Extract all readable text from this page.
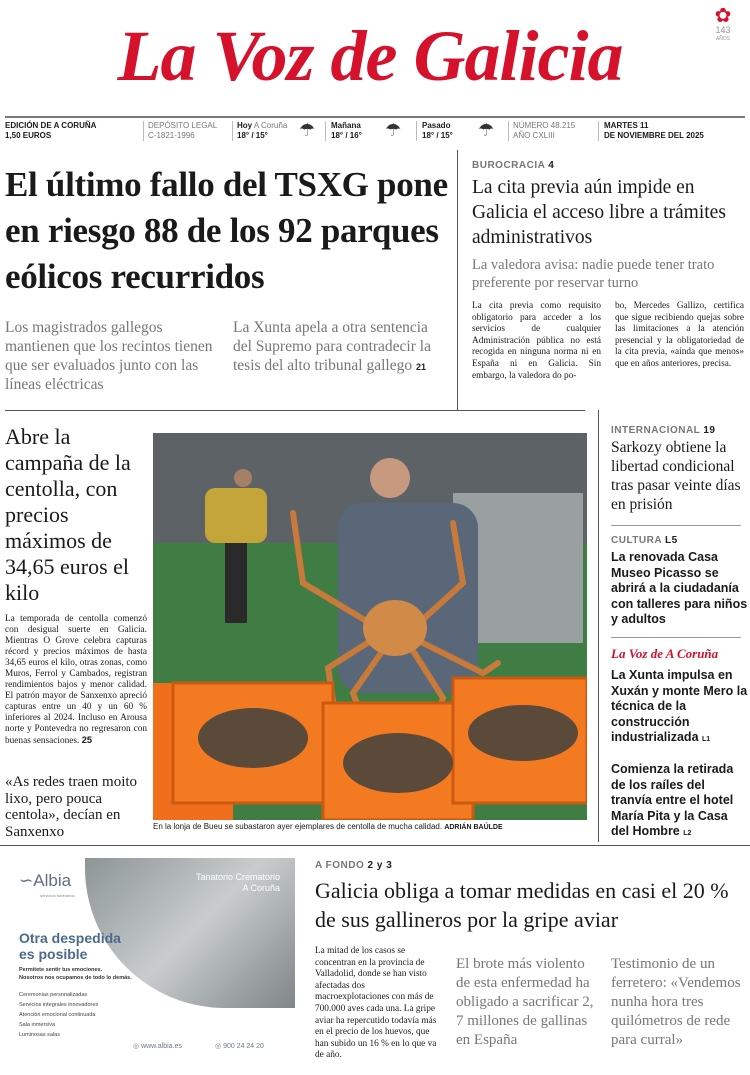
La Voz de Galicia	✿
143
AÑOS
EDICIÓN DE A CORUÑA
1,50 EUROS
DEPÓSITO LEGAL
C-1821-1996
Hoy A Coruña
18° / 15°	☂ Mañana
18° / 16° ☂	Pasado
18° / 15° ☂ NÚMERO 48.215
AÑO CXLIII
MARTES 11
DE NOVIEMBRE DEL 2025
El último fallo del TSXG pone en riesgo 88 de los 92 parques eólicos recurridos
Los magistrados gallegos mantienen que los recintos tienen que ser evaluados junto con las líneas eléctricas
La Xunta apela a otra sentencia del Supremo para contradecir la tesis del alto tribunal gallego 21
BUROCRACIA 4
La cita previa aún impide en Galicia el acceso libre a trámites administrativos
La valedora avisa: nadie puede tener trato preferente por reservar turno
La cita previa como requisito obligatorio para acceder a los servicios de cualquier Administración pública no está recogida en ninguna norma ni en España ni en Galicia. Sin embargo, la valedora do po-
bo, Mercedes Gallizo, certifica que sigue recibiendo quejas sobre las limitaciones a la atención presencial y la obligatoriedad de la cita previa, «aínda que menos» que en años anteriores, precisa.
Abre la campaña de la centolla, con precios máximos de 34,65 euros el kilo
La temporada de centolla comenzó con desigual suerte en Galicia. Mientras O Grove celebra capturas récord y precios máximos de hasta 34,65 euros el kilo, otras zonas, como Muros, Ferrol y Cambados, registran rendimientos bajos y menor calidad. El patrón mayor de Sanxenxo apreció capturas entre un 40 y un 60 % inferiores al 2024. Incluso en Arousa norte y Pontevedra no regresaron con buenas sensaciones. 25
«As redes traen moito lixo, pero pouca centola», decían en Sanxenxo	En la lonja de Bueu se subastaron ayer ejemplares de centolla de mucha calidad. ADRIÁN BAÚLDE
INTERNACIONAL 19
Sarkozy obtiene la libertad condicional tras pasar veinte días en prisión
CULTURA L5
La renovada Casa Museo Picasso se abrirá a la ciudadanía con talleres para niños y adultos
La Voz de A Coruña
La Xunta impulsa en Xuxán y monte Mero la técnica de la construcción industrializada L1
Comienza la retirada de los raíles del tranvía entre el hotel María Pita y la Casa del Hombre L2
∽Albia
servicios funerarios
Tanatorio Crematorio
A Coruña
Otra despedida
es posible
Permítete sentir tus emociones.
Nosotros nos ocupamos de todo lo demás.
Ceremonias personalizadas
Servicios integrales innovadores
Atención emocional continuada
Sala inmersiva
Luminosas salas
◎ www.albia.es	◎ 900 24 24 20
A FONDO 2 y 3
Galicia obliga a tomar medidas en casi el 20 % de sus gallineros por la gripe aviar
La mitad de los casos se concentran en la provincia de Valladolid, donde se han visto afectadas dos macroexplotaciones con más de 700.000 aves cada una. La gripe aviar ha repercutido todavía más en el precio de los huevos, que han subido un 16 % en lo que va de año.
El brote más violento de esta enfermedad ha obligado a sacrificar 2, 7 millones de gallinas en España
Testimonio de un ferretero: «Vendemos nunha hora tres quilómetros de rede para curral»
